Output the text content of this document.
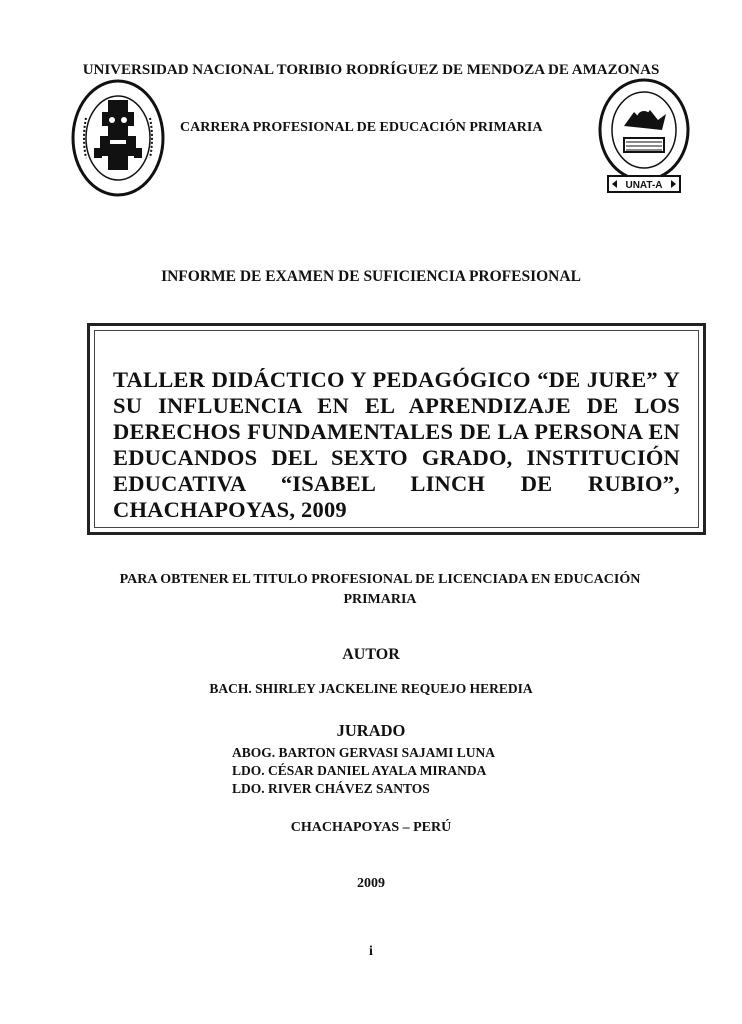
UNIVERSIDAD NACIONAL TORIBIO RODRÍGUEZ DE MENDOZA DE AMAZONAS
CARRERA PROFESIONAL DE EDUCACIÓN PRIMARIA
UNAT-A
INFORME DE EXAMEN DE SUFICIENCIA PROFESIONAL
TALLER DIDÁCTICO Y PEDAGÓGICO “DE JURE” Y SU INFLUENCIA EN EL APRENDIZAJE DE LOS DERECHOS FUNDAMENTALES DE LA PERSONA EN EDUCANDOS DEL SEXTO GRADO, INSTITUCIÓN EDUCATIVA “ISABEL LINCH DE RUBIO”, CHACHAPOYAS, 2009
PARA OBTENER EL TITULO PROFESIONAL DE LICENCIADA EN EDUCACIÓN
PRIMARIA
AUTOR
BACH. SHIRLEY JACKELINE REQUEJO HEREDIA
JURADO
ABOG. BARTON GERVASI SAJAMI LUNA
LDO. CÉSAR DANIEL AYALA MIRANDA
LDO. RIVER CHÁVEZ SANTOS
CHACHAPOYAS – PERÚ
2009
i
